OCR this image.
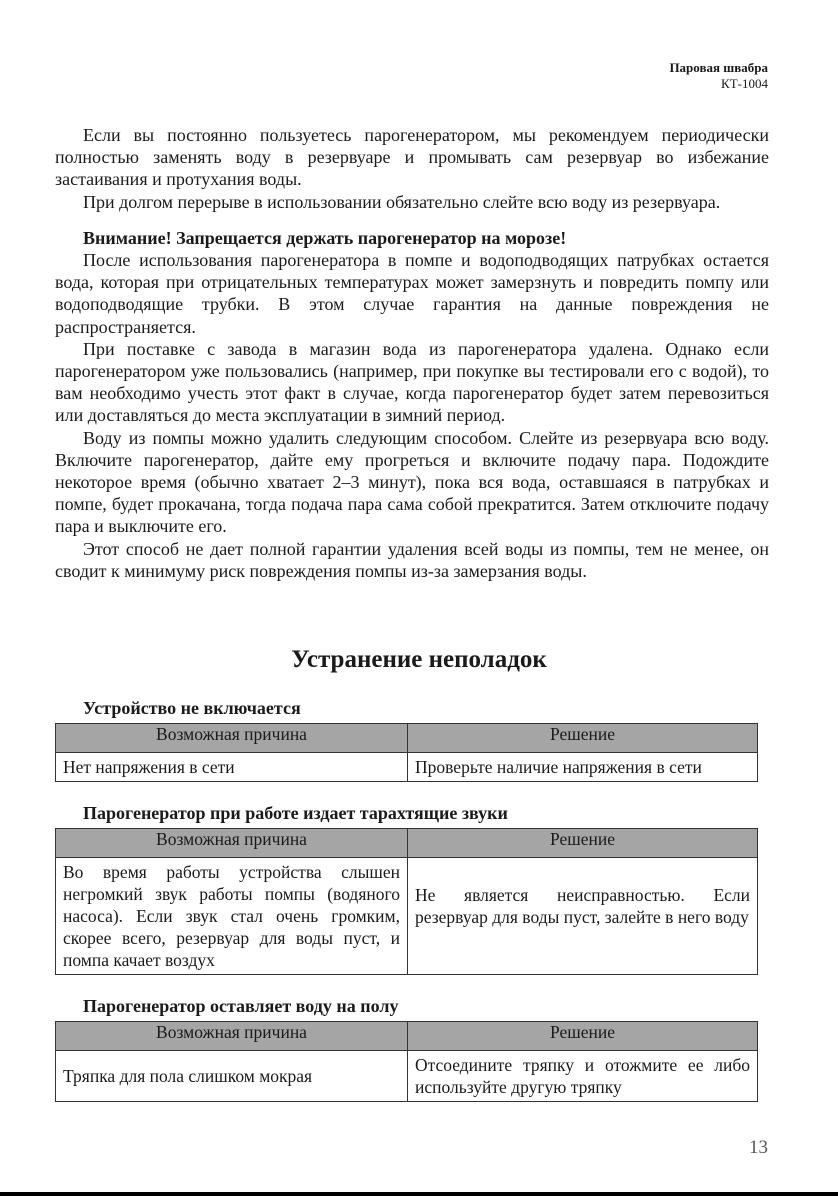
Паровая швабра
КТ-1004

Если вы постоянно пользуетесь парогенератором, мы рекомендуем периодически полностью заменять воду в резервуаре и промывать сам резервуар во избежание застаивания и протухания воды.

При долгом перерыве в использовании обязательно слейте всю воду из резервуара.

Внимание! Запрещается держать парогенератор на морозе!

После использования парогенератора в помпе и водоподводящих патрубках остается вода, которая при отрицательных температурах может замерзнуть и повредить помпу или водоподводящие трубки. В этом случае гарантия на данные повреждения не распространяется.

При поставке с завода в магазин вода из парогенератора удалена. Однако если парогенератором уже пользовались (например, при покупке вы тестировали его с водой), то вам необходимо учесть этот факт в случае, когда парогенератор будет затем перевозиться или доставляться до места эксплуатации в зимний период.

Воду из помпы можно удалить следующим способом. Слейте из резервуара всю воду. Включите парогенератор, дайте ему прогреться и включите подачу пара. Подождите некоторое время (обычно хватает 2–3 минут), пока вся вода, оставшаяся в патрубках и помпе, будет прокачана, тогда подача пара сама собой прекратится. Затем отключите подачу пара и выключите его.

Этот способ не дает полной гарантии удаления всей воды из помпы, тем не менее, он сводит к минимуму риск повреждения помпы из-за замерзания воды.

Устранение неполадок
Устройство не включается
Возможная причина	Решение
Нет напряжения в сети	Проверьте наличие напряжения в сети
Парогенератор при работе издает тарахтящие звуки
Возможная причина	Решение
Во время работы устройства слышен негромкий звук работы помпы (водяного насоса). Если звук стал очень громким, скорее всего, резервуар для воды пуст, и помпа качает воздух	Не является неисправностью. Если резервуар для воды пуст, залейте в него воду
Парогенератор оставляет воду на полу
Возможная причина	Решение
Тряпка для пола слишком мокрая	Отсоедините тряпку и отожмите ее либо используйте другую тряпку
13
